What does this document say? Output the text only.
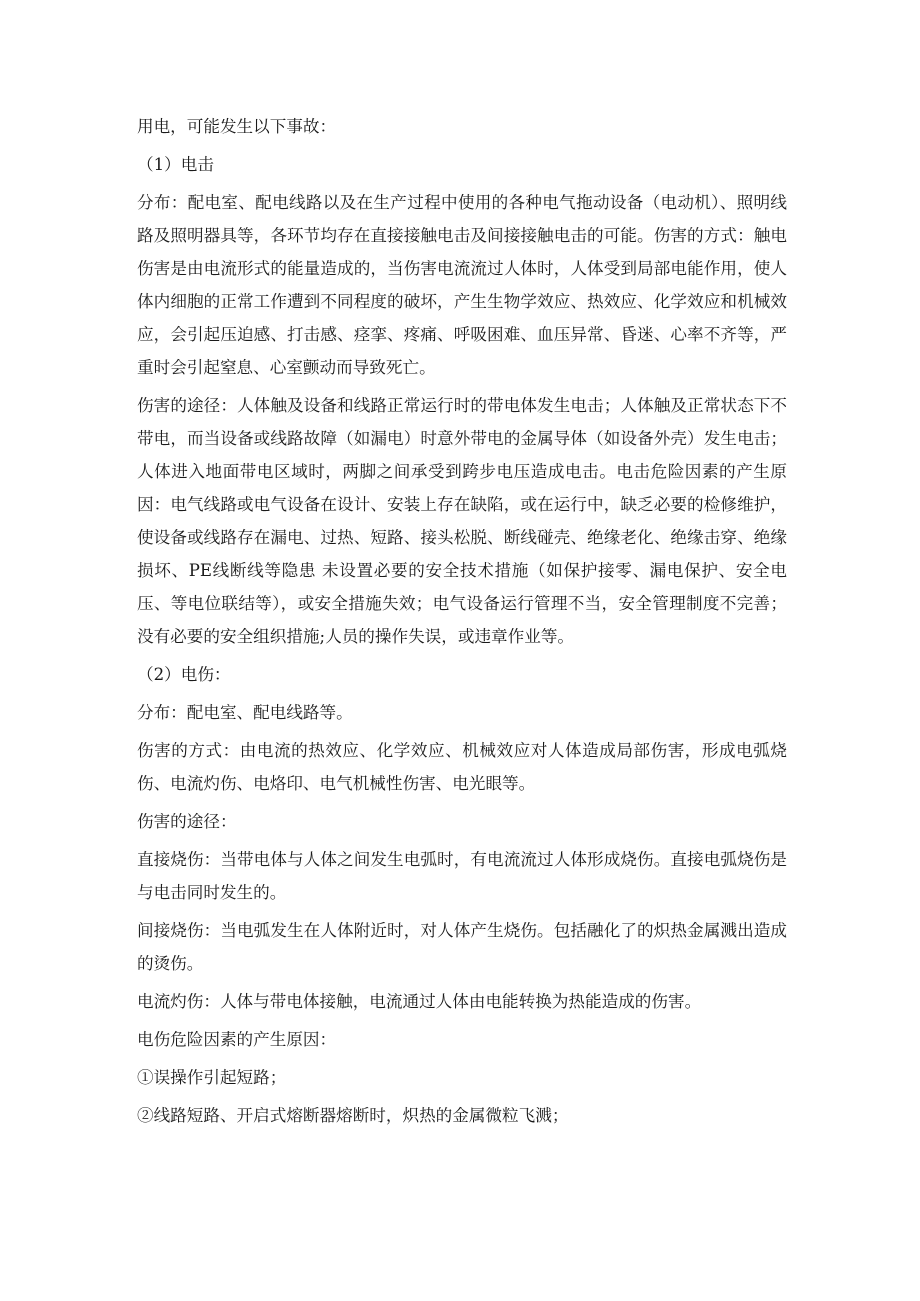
用电，可能发生以下事故：

（1）电击

分布：配电室、配电线路以及在生产过程中使用的各种电气拖动设备（电动机）、照明线路及照明器具等，各环节均存在直接接触电击及间接接触电击的可能。伤害的方式：触电伤害是由电流形式的能量造成的，当伤害电流流过人体时，人体受到局部电能作用，使人体内细胞的正常工作遭到不同程度的破坏，产生生物学效应、热效应、化学效应和机械效应，会引起压迫感、打击感、痉挛、疼痛、呼吸困难、血压异常、昏迷、心率不齐等，严重时会引起窒息、心室颤动而导致死亡。

伤害的途径：人体触及设备和线路正常运行时的带电体发生电击；人体触及正常状态下不带电，而当设备或线路故障（如漏电）时意外带电的金属导体（如设备外壳）发生电击；人体进入地面带电区域时，两脚之间承受到跨步电压造成电击。电击危险因素的产生原因：电气线路或电气设备在设计、安装上存在缺陷，或在运行中，缺乏必要的检修维护，使设备或线路存在漏电、过热、短路、接头松脱、断线碰壳、绝缘老化、绝缘击穿、绝缘损坏、PE线断线等隐患 未设置必要的安全技术措施（如保护接零、漏电保护、安全电压、等电位联结等），或安全措施失效；电气设备运行管理不当，安全管理制度不完善；没有必要的安全组织措施;人员的操作失误，或违章作业等。

（2）电伤：

分布：配电室、配电线路等。

伤害的方式：由电流的热效应、化学效应、机械效应对人体造成局部伤害，形成电弧烧伤、电流灼伤、电烙印、电气机械性伤害、电光眼等。

伤害的途径：

直接烧伤：当带电体与人体之间发生电弧时，有电流流过人体形成烧伤。直接电弧烧伤是与电击同时发生的。

间接烧伤：当电弧发生在人体附近时，对人体产生烧伤。包括融化了的炽热金属溅出造成的烫伤。

电流灼伤：人体与带电体接触，电流通过人体由电能转换为热能造成的伤害。

电伤危险因素的产生原因：

①误操作引起短路；

②线路短路、开启式熔断器熔断时，炽热的金属微粒飞溅；
